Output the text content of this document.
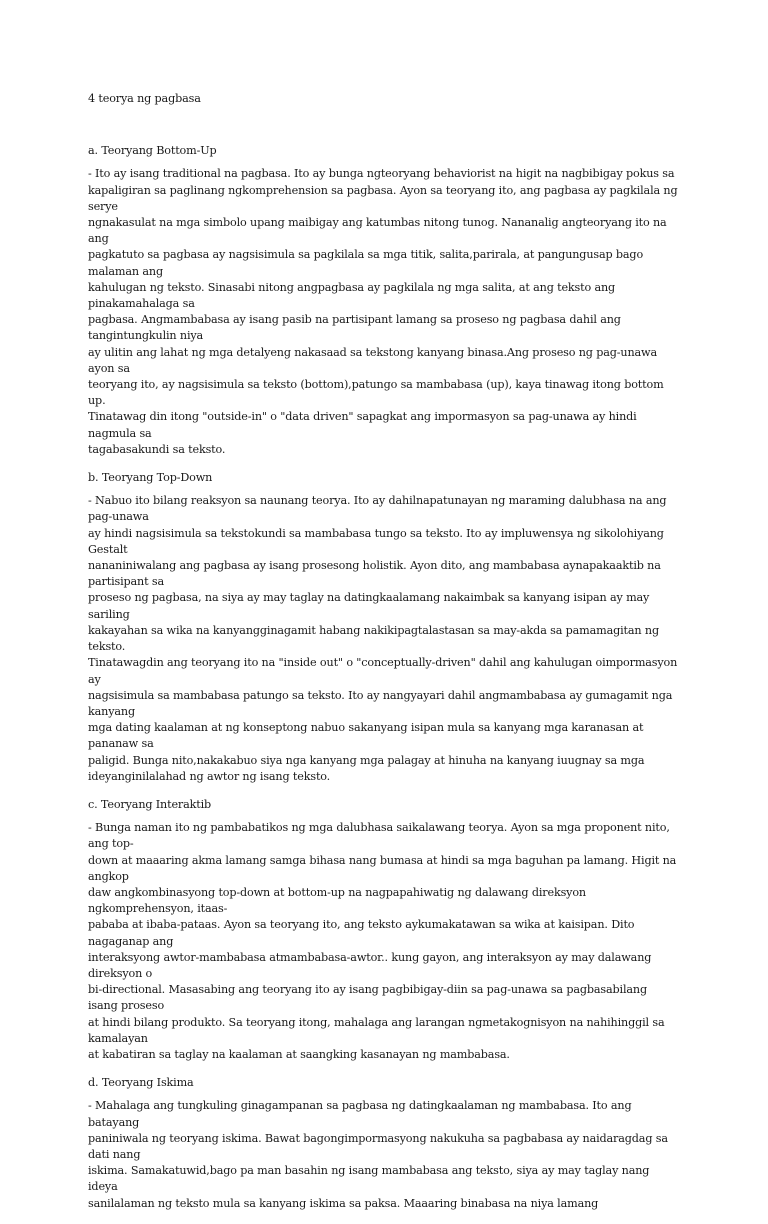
4 teorya ng pagbasa
a. Teoryang Bottom-Up
- Ito ay isang traditional na pagbasa. Ito ay bunga ngteoryang behaviorist na higit na nagbibigay pokus sa
kapaligiran sa paglinang ngkomprehension sa pagbasa. Ayon sa teoryang ito, ang pagbasa ay pagkilala ng serye
ngnakasulat na mga simbolo upang maibigay ang katumbas nitong tunog. Nananalig angteoryang ito na ang
pagkatuto sa pagbasa ay nagsisimula sa pagkilala sa mga titik, salita,parirala, at pangungusap bago malaman ang
kahulugan ng teksto. Sinasabi nitong angpagbasa ay pagkilala ng mga salita, at ang teksto ang pinakamahalaga sa
pagbasa. Angmambabasa ay isang pasib na partisipant lamang sa proseso ng pagbasa dahil ang tangintungkulin niya
ay ulitin ang lahat ng mga detalyeng nakasaad sa tekstong kanyang binasa.Ang proseso ng pag-unawa ayon sa
teoryang ito, ay nagsisimula sa teksto (bottom),patungo sa mambabasa (up), kaya tinawag itong bottom up.
Tinatawag din itong "outside-in" o "data driven" sapagkat ang impormasyon sa pag-unawa ay hindi nagmula sa
tagabasakundi sa teksto.
b. Teoryang Top-Down
- Nabuo ito bilang reaksyon sa naunang teorya. Ito ay dahilnapatunayan ng maraming dalubhasa na ang pag-unawa
ay hindi nagsisimula sa tekstokundi sa mambabasa tungo sa teksto. Ito ay impluwensya ng sikolohiyang Gestalt
nananiniwalang ang pagbasa ay isang prosesong holistik. Ayon dito, ang mambabasa aynapakaaktib na partisipant sa
proseso ng pagbasa, na siya ay may taglay na datingkaalamang nakaimbak sa kanyang isipan ay may sariling
kakayahan sa wika na kanyangginagamit habang nakikipagtalastasan sa may-akda sa pamamagitan ng teksto.
Tinatawagdin ang teoryang ito na "inside out" o "conceptually-driven" dahil ang kahulugan oimpormasyon ay
nagsisimula sa mambabasa patungo sa teksto. Ito ay nangyayari dahil angmambabasa ay gumagamit nga kanyang
mga dating kaalaman at ng konseptong nabuo sakanyang isipan mula sa kanyang mga karanasan at pananaw sa
paligid. Bunga nito,nakakabuo siya nga kanyang mga palagay at hinuha na kanyang iuugnay sa mga
ideyanginilalahad ng awtor ng isang teksto.
c. Teoryang Interaktib
- Bunga naman ito ng pambabatikos ng mga dalubhasa saikalawang teorya. Ayon sa mga proponent nito, ang top-
down at maaaring akma lamang samga bihasa nang bumasa at hindi sa mga baguhan pa lamang. Higit na angkop
daw angkombinasyong top-down at bottom-up na nagpapahiwatig ng dalawang direksyon ngkomprehensyon, itaas-
pababa at ibaba-pataas. Ayon sa teoryang ito, ang teksto aykumakatawan sa wika at kaisipan. Dito nagaganap ang
interaksyong awtor-mambabasa atmambabasa-awtor.. kung gayon, ang interaksyon ay may dalawang direksyon o
bi-directional. Masasabing ang teoryang ito ay isang pagbibigay-diin sa pag-unawa sa pagbasabilang isang proseso
at hindi bilang produkto. Sa teoryang itong, mahalaga ang larangan ngmetakognisyon na nahihinggil sa kamalayan
at kabatiran sa taglay na kaalaman at saangking kasanayan ng mambabasa.
d. Teoryang Iskima
- Mahalaga ang tungkuling ginagampanan sa pagbasa ng datingkaalaman ng mambabasa. Ito ang batayang
paniniwala ng teoryang iskima. Bawat bagongimpormasyong nakukuha sa pagbabasa ay naidaragdag sa dati nang
iskima. Samakatuwid,bago pa man basahin ng isang mambabasa ang teksto, siya ay may taglay nang ideya
sanilalaman ng teksto mula sa kanyang iskima sa paksa. Maaaring binabasa na niya lamang
